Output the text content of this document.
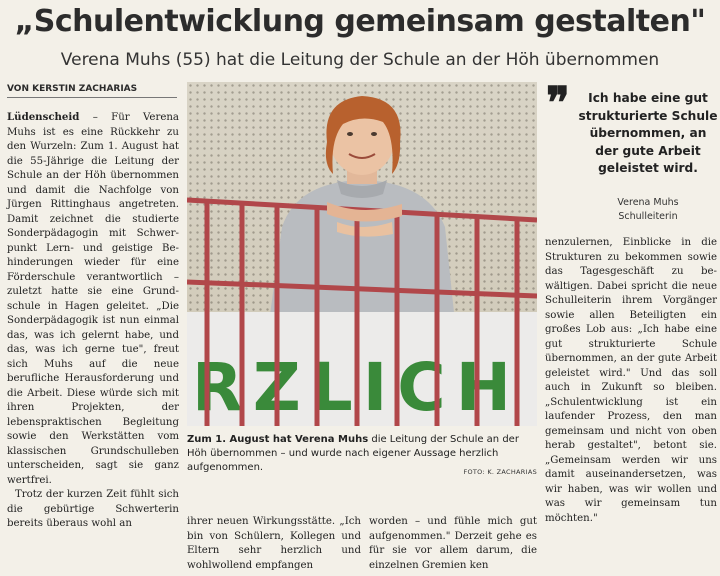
„Schulentwicklung gemeinsam gestalten"
Verena Muhs (55) hat die Leitung der Schule an der Höh übernommen
VON KERSTIN ZACHARIAS

Lüdenscheid – Für Verena Muhs ist es eine Rückkehr zu den Wurzeln: Zum 1. August hat die 55-Jährige die Leitung der Schule an der Höh übernommen und damit die Nachfolge von Jürgen Rittinghaus angetreten. Damit zeichnet die studierte Sonderpädagogin mit Schwerpunkt Lern- und geistige Behinderungen wieder für eine Förderschule verantwortlich – zuletzt hatte sie eine Grundschule in Hagen geleitet. „Die Sonderpädagogik ist nun einmal das, was ich gelernt habe, und das, was ich gerne tue", freut sich Muhs auf die neue berufliche Herausforderung und die Arbeit. Diese würde sich mit ihren Projekten, der lebenspraktischen Begleitung sowie den Werkstätten vom klassischen Grundschulleben unterscheiden, sagt sie ganz wertfrei.

Trotz der kurzen Zeit fühlt sich die gebürtige Schwerterin bereits überaus wohl an

RZLICH
Zum 1. August hat Verena Muhs die Leitung der Schule an der Höh übernommen – und wurde nach eigener Aussage herzlich aufgenommen.	FOTO: K. ZACHARIAS
ihrer neuen Wirkungsstätte. „Ich bin von Schülern, Kollegen und Eltern sehr herzlich und wohlwollend empfangen
worden – und fühle mich gut aufgenommen." Derzeit gehe es für sie vor allem darum, die einzelnen Gremien ken
❞	Ich habe eine gut strukturierte Schule übernommen, an der gute Arbeit geleistet wird.
Verena Muhs
Schulleiterin
nenzulernen, Einblicke in die Strukturen zu bekommen sowie das Tagesgeschäft zu bewältigen. Dabei spricht die neue Schulleiterin ihrem Vorgänger sowie allen Beteiligten ein großes Lob aus: „Ich habe eine gut strukturierte Schule übernommen, an der gute Arbeit geleistet wird." Und das soll auch in Zukunft so bleiben. „Schulentwicklung ist ein laufender Prozess, den man gemeinsam und nicht von oben herab gestaltet", betont sie. „Gemeinsam werden wir uns damit auseinandersetzen, was wir haben, was wir wollen und was wir gemeinsam tun möchten."
